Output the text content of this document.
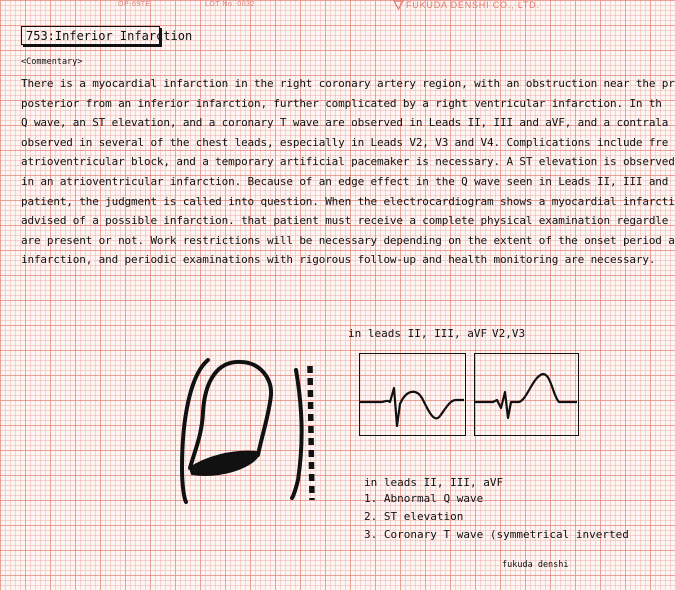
OP-69TE	LOT No. 0032	FUKUDA DENSHI CO., LTD.
753:Inferior Infarction
<Commentary>
There is a myocardial infarction in the right coronary artery region, with an obstruction near the pr
posterior from an inferior infarction, further complicated by a right ventricular infarction. In th
Q wave, an ST elevation, and a coronary T wave are observed in Leads II, III and aVF, and a contrala
observed in several of the chest leads, especially in Leads V2, V3 and V4. Complications include fre
atrioventricular block, and a temporary artificial pacemaker is necessary. A ST elevation is observed
in an atrioventricular infarction. Because of an edge effect in the Q wave seen in Leads II, III and
patient, the judgment is called into question. When the electrocardiogram shows a myocardial infarcti
advised of a possible infarction. that patient must receive a complete physical examination regardle
are present or not. Work restrictions will be necessary depending on the extent of the onset period a
infarction, and periodic examinations with rigorous follow-up and health monitoring are necessary.
in leads II, III, aVF V2,V3
in leads II, III, aVF
1. Abnormal Q wave
2. ST elevation
3. Coronary T wave (symmetrical inverted
fukuda denshi
